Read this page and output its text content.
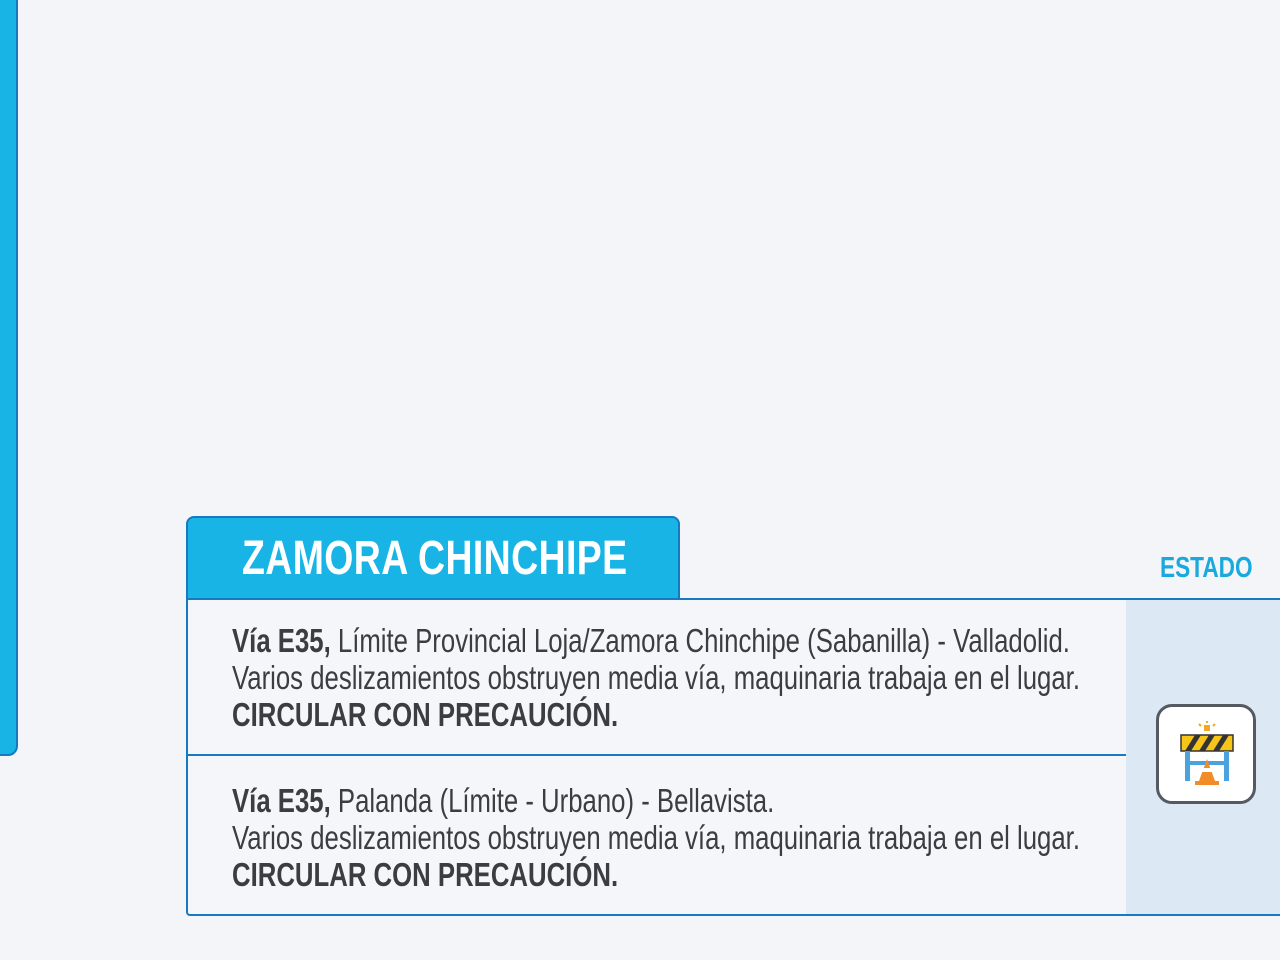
ZAMORA CHINCHIPE	ESTADO
Vía E35, Límite Provincial Loja/Zamora Chinchipe (Sabanilla) - Valladolid.
Varios deslizamientos obstruyen media vía, maquinaria trabaja en el lugar.
CIRCULAR CON PRECAUCIÓN.
Vía E35, Palanda (Límite - Urbano) - Bellavista.
Varios deslizamientos obstruyen media vía, maquinaria trabaja en el lugar.
CIRCULAR CON PRECAUCIÓN.
